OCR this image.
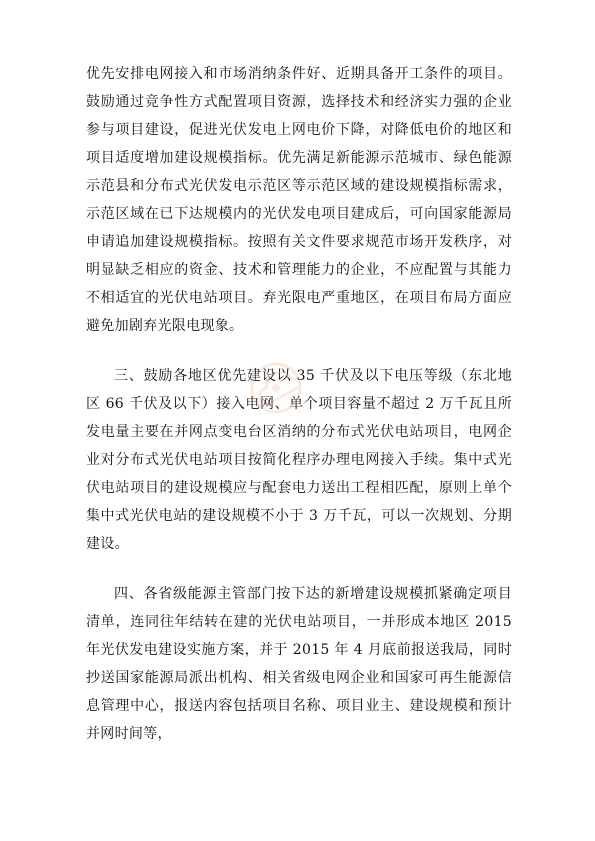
优先安排电网接入和市场消纳条件好、近期具备开工条件的项目。鼓励通过竞争性方式配置项目资源，选择技术和经济实力强的企业参与项目建设，促进光伏发电上网电价下降，对降低电价的地区和项目适度增加建设规模指标。优先满足新能源示范城市、绿色能源示范县和分布式光伏发电示范区等示范区域的建设规模指标需求，示范区域在已下达规模内的光伏发电项目建成后，可向国家能源局申请追加建设规模指标。按照有关文件要求规范市场开发秩序，对明显缺乏相应的资金、技术和管理能力的企业，不应配置与其能力不相适宜的光伏电站项目。弃光限电严重地区，在项目布局方面应避免加剧弃光限电现象。

三、鼓励各地区优先建设以 35 千伏及以下电压等级（东北地区 66 千伏及以下）接入电网、单个项目容量不超过 2 万千瓦且所发电量主要在并网点变电台区消纳的分布式光伏电站项目，电网企业对分布式光伏电站项目按简化程序办理电网接入手续。集中式光伏电站项目的建设规模应与配套电力送出工程相匹配，原则上单个集中式光伏电站的建设规模不小于 3 万千瓦，可以一次规划、分期建设。

四、各省级能源主管部门按下达的新增建设规模抓紧确定项目清单，连同往年结转在建的光伏电站项目，一并形成本地区 2015 年光伏发电建设实施方案，并于 2015 年 4 月底前报送我局，同时抄送国家能源局派出机构、相关省级电网企业和国家可再生能源信息管理中心，报送内容包括项目名称、项目业主、建设规模和预计并网时间等，
